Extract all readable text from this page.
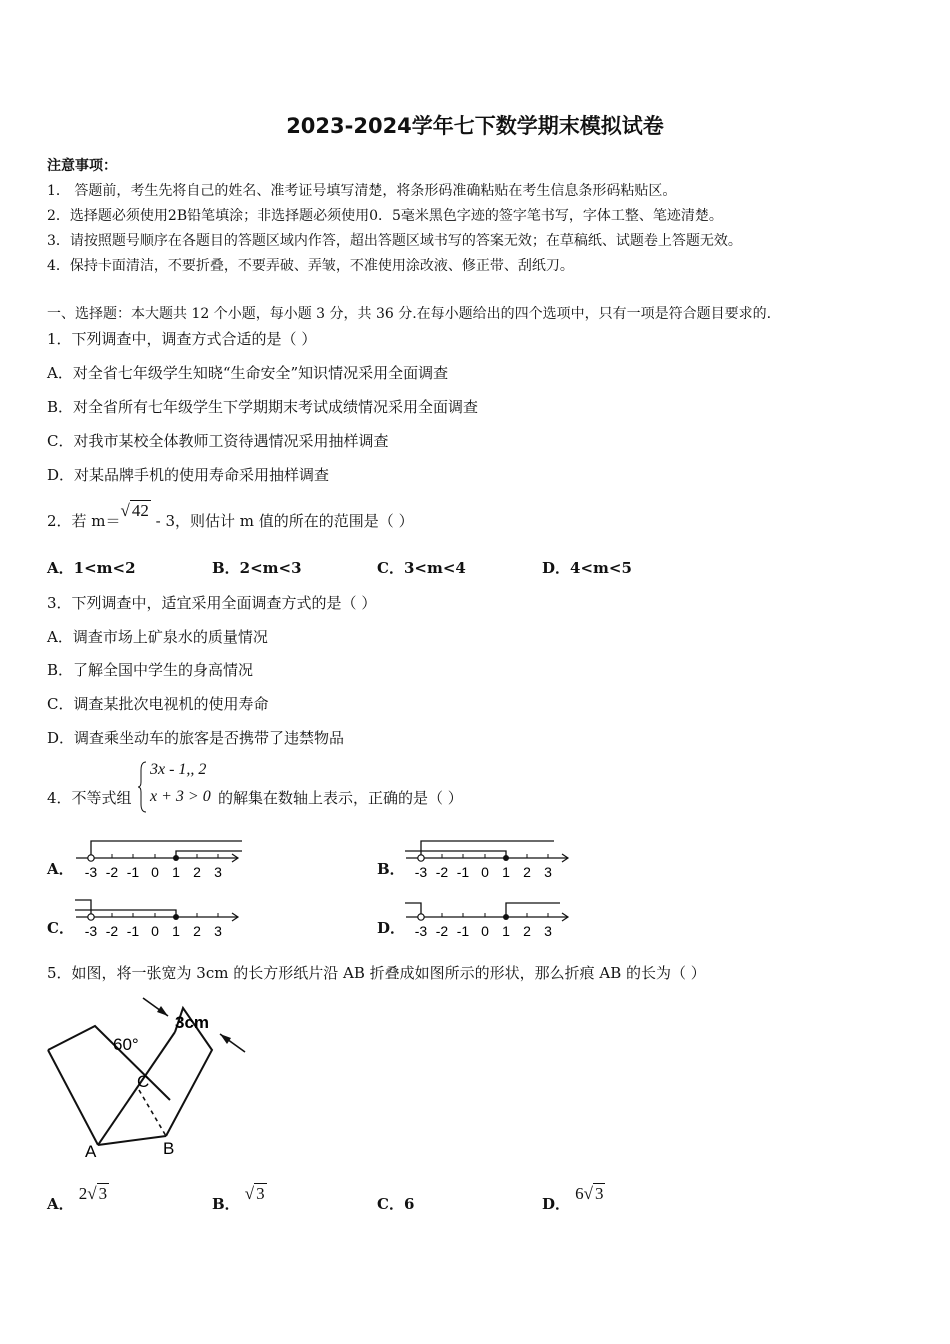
2023-2024学年七下数学期末模拟试卷
注意事项：
1． 答题前，考生先将自己的姓名、准考证号填写清楚，将条形码准确粘贴在考生信息条形码粘贴区。
2．选择题必须使用2B铅笔填涂；非选择题必须使用0．5毫米黑色字迹的签字笔书写，字体工整、笔迹清楚。
3．请按照题号顺序在各题目的答题区域内作答，超出答题区域书写的答案无效；在草稿纸、试题卷上答题无效。
4．保持卡面清洁，不要折叠，不要弄破、弄皱，不准使用涂改液、修正带、刮纸刀。
一、选择题：本大题共 12 个小题，每小题 3 分，共 36 分.在每小题给出的四个选项中，只有一项是符合题目要求的.
1．下列调查中，调查方式合适的是（ ）
A．对全省七年级学生知晓“生命安全”知识情况采用全面调查
B．对全省所有七年级学生下学期期末考试成绩情况采用全面调查
C．对我市某校全体教师工资待遇情况采用抽样调查
D．对某品牌手机的使用寿命采用抽样调查
2．若 m＝√ 42 - 3，则估计 m 值的所在的范围是（ ）
A．1<m<2	B．2<m<3	C．3<m<4	D．4<m<5
3．下列调查中，适宜采用全面调查方式的是（ ）
A．调查市场上矿泉水的质量情况
B．了解全国中学生的身高情况
C．调查某批次电视机的使用寿命
D．调查乘坐动车的旅客是否携带了违禁物品
4．不等式组
3x - 1,, 2
x + 3 > 0 的解集在数轴上表示，正确的是（ ）
A．	B．
C．	D．
-3 -2 -1 0 1 2 3	-3 -2 -1 0 1 2 3
-3 -2 -1 0 1 2 3	-3 -2 -1 0 1 2 3
5．如图，将一张宽为 3cm 的长方形纸片沿 AB 折叠成如图所示的形状，那么折痕 AB 的长为（ ）
3cm
60°
C
A	B
A． 2√ 3
B． √ 3
C．6	D． 6√ 3
